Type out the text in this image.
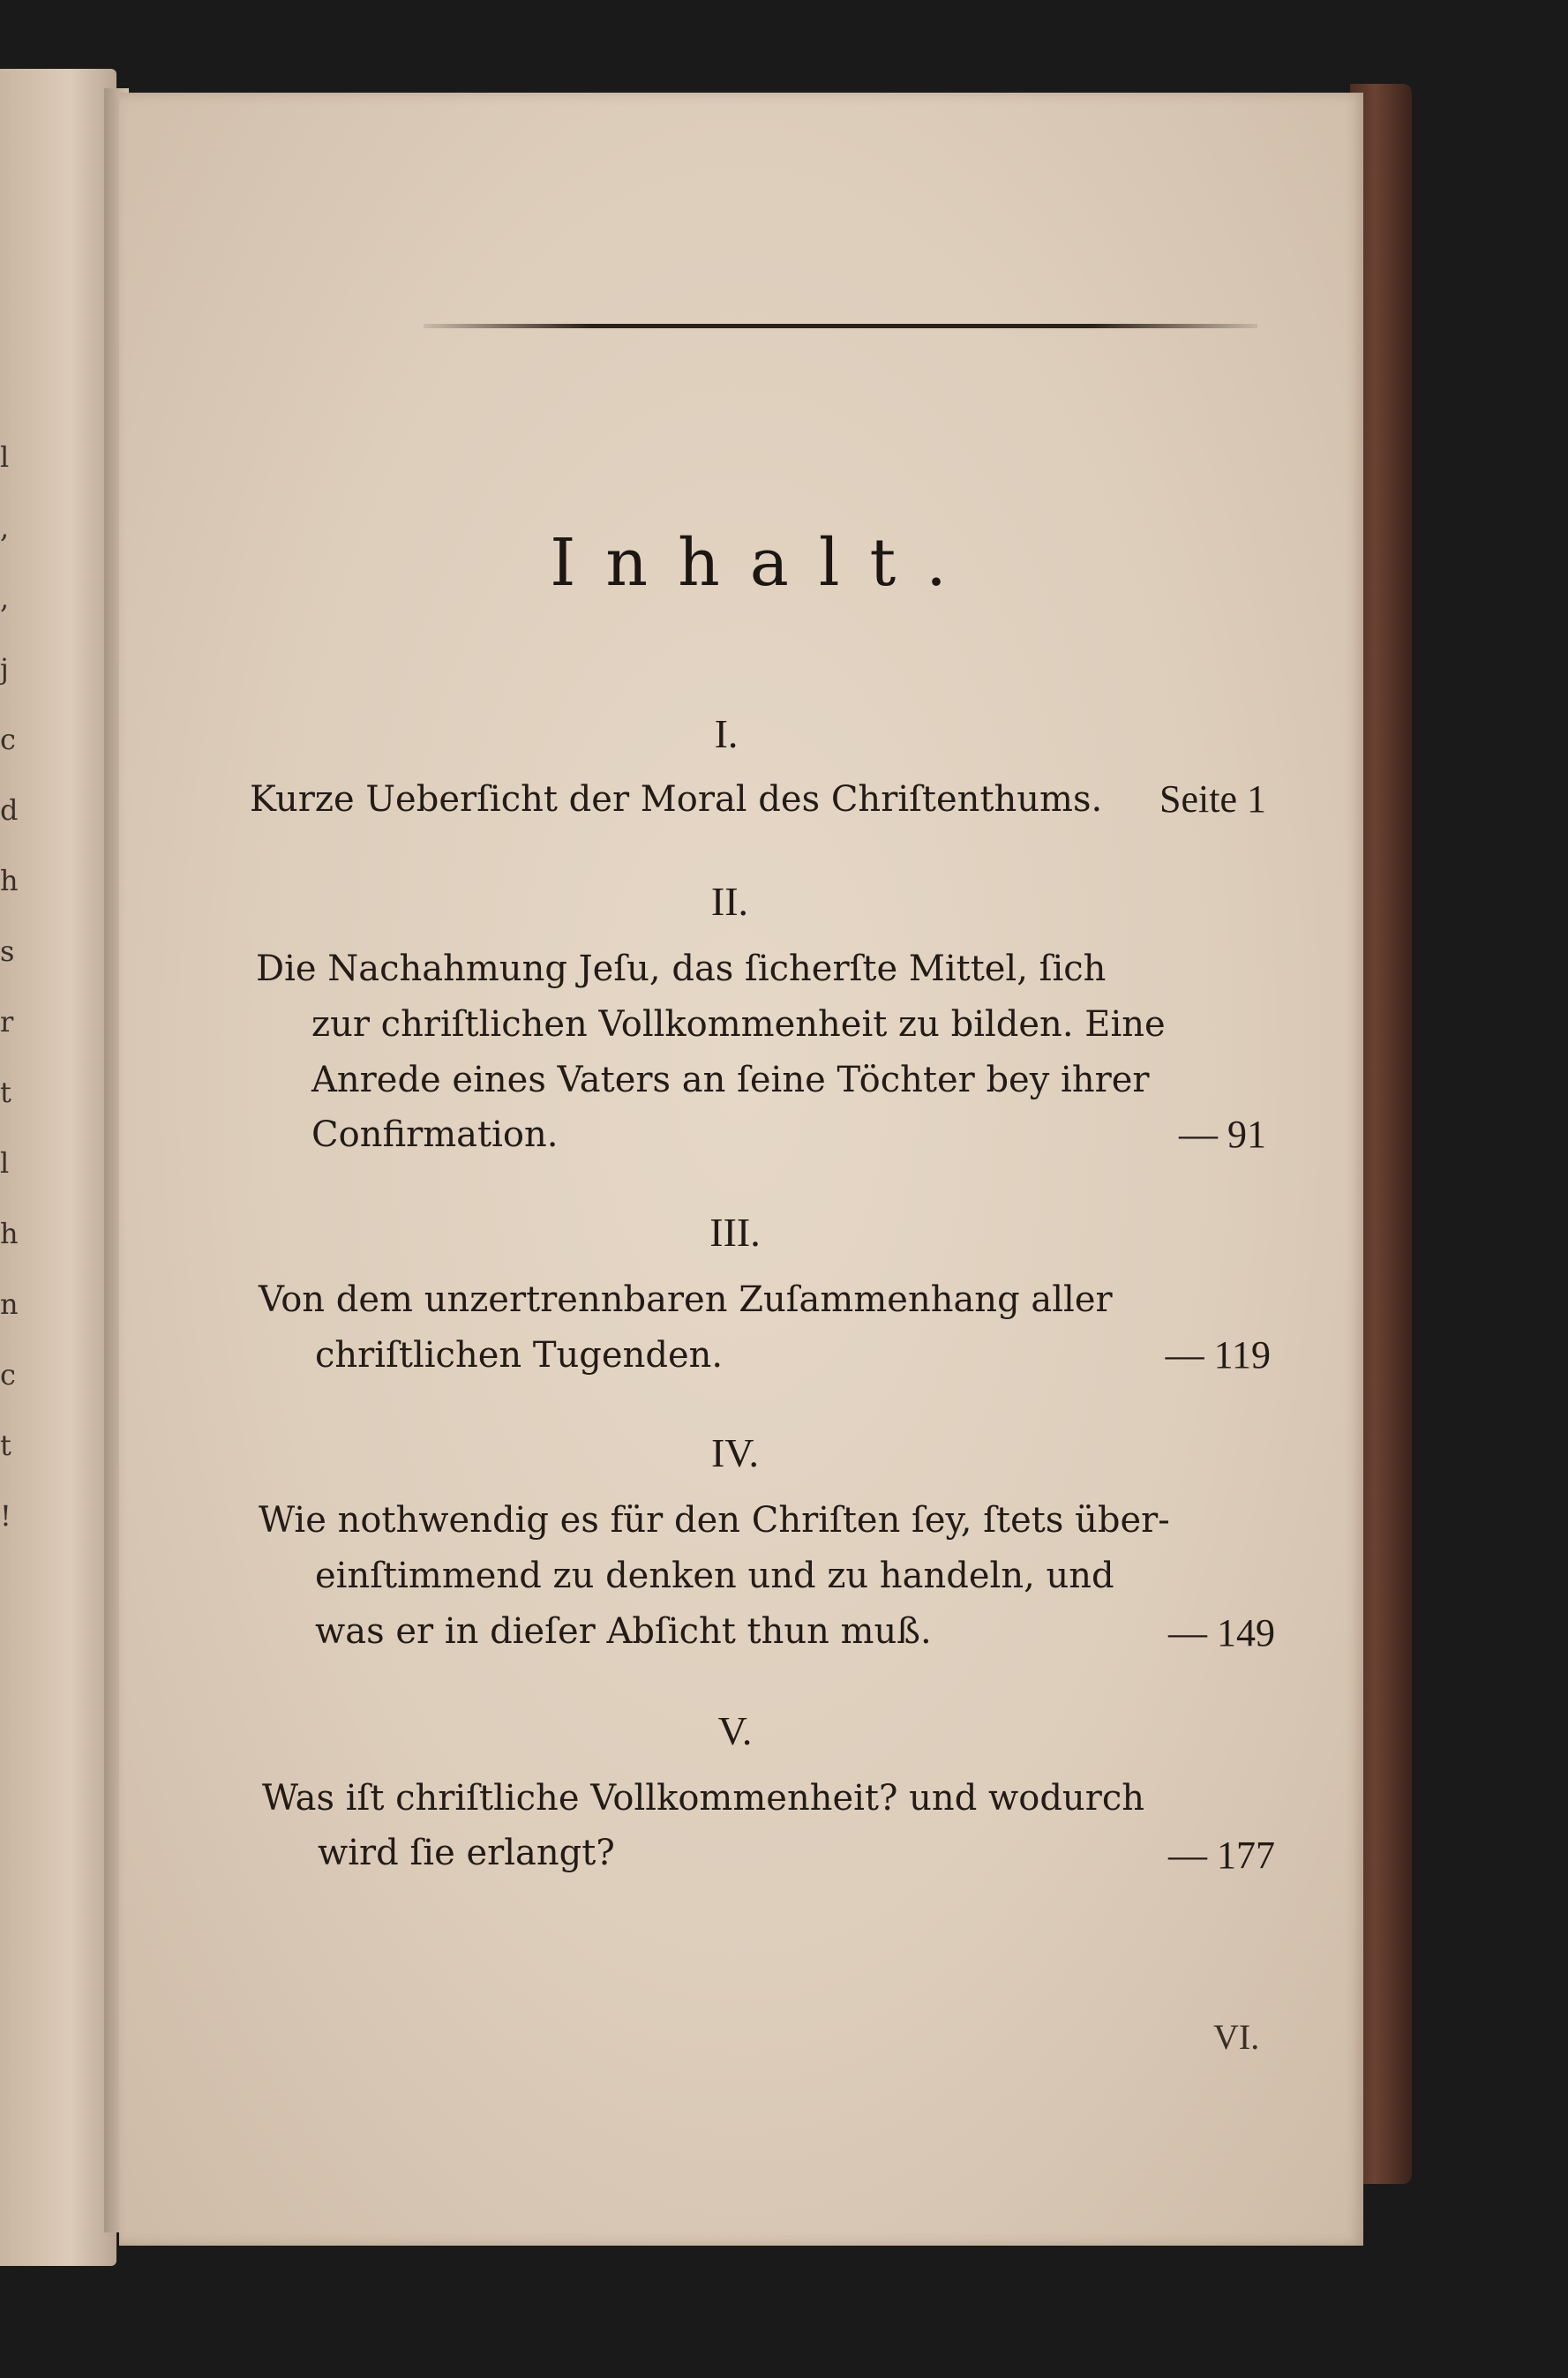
l
,
,
j
c
d
h
s
r
t
l
h
n
c
t
!
Inhalt.
I.
Kurze Ueberſicht der Moral des Chriſtenthums.	Seite 1
II.
Die Nachahmung Jeſu, das ſicherſte Mittel, ſich
zur chriſtlichen Vollkommenheit zu bilden. Eine
Anrede eines Vaters an ſeine Töchter bey ihrer
Confirmation.	— 91
III.
Von dem unzertrennbaren Zuſammenhang aller
chriſtlichen Tugenden.	— 119
IV.
Wie nothwendig es für den Chriſten ſey, ſtets über-
einſtimmend zu denken und zu handeln, und
was er in dieſer Abſicht thun muß.	— 149
V.
Was iſt chriſtliche Vollkommenheit? und wodurch
wird ſie erlangt?	— 177
VI.
